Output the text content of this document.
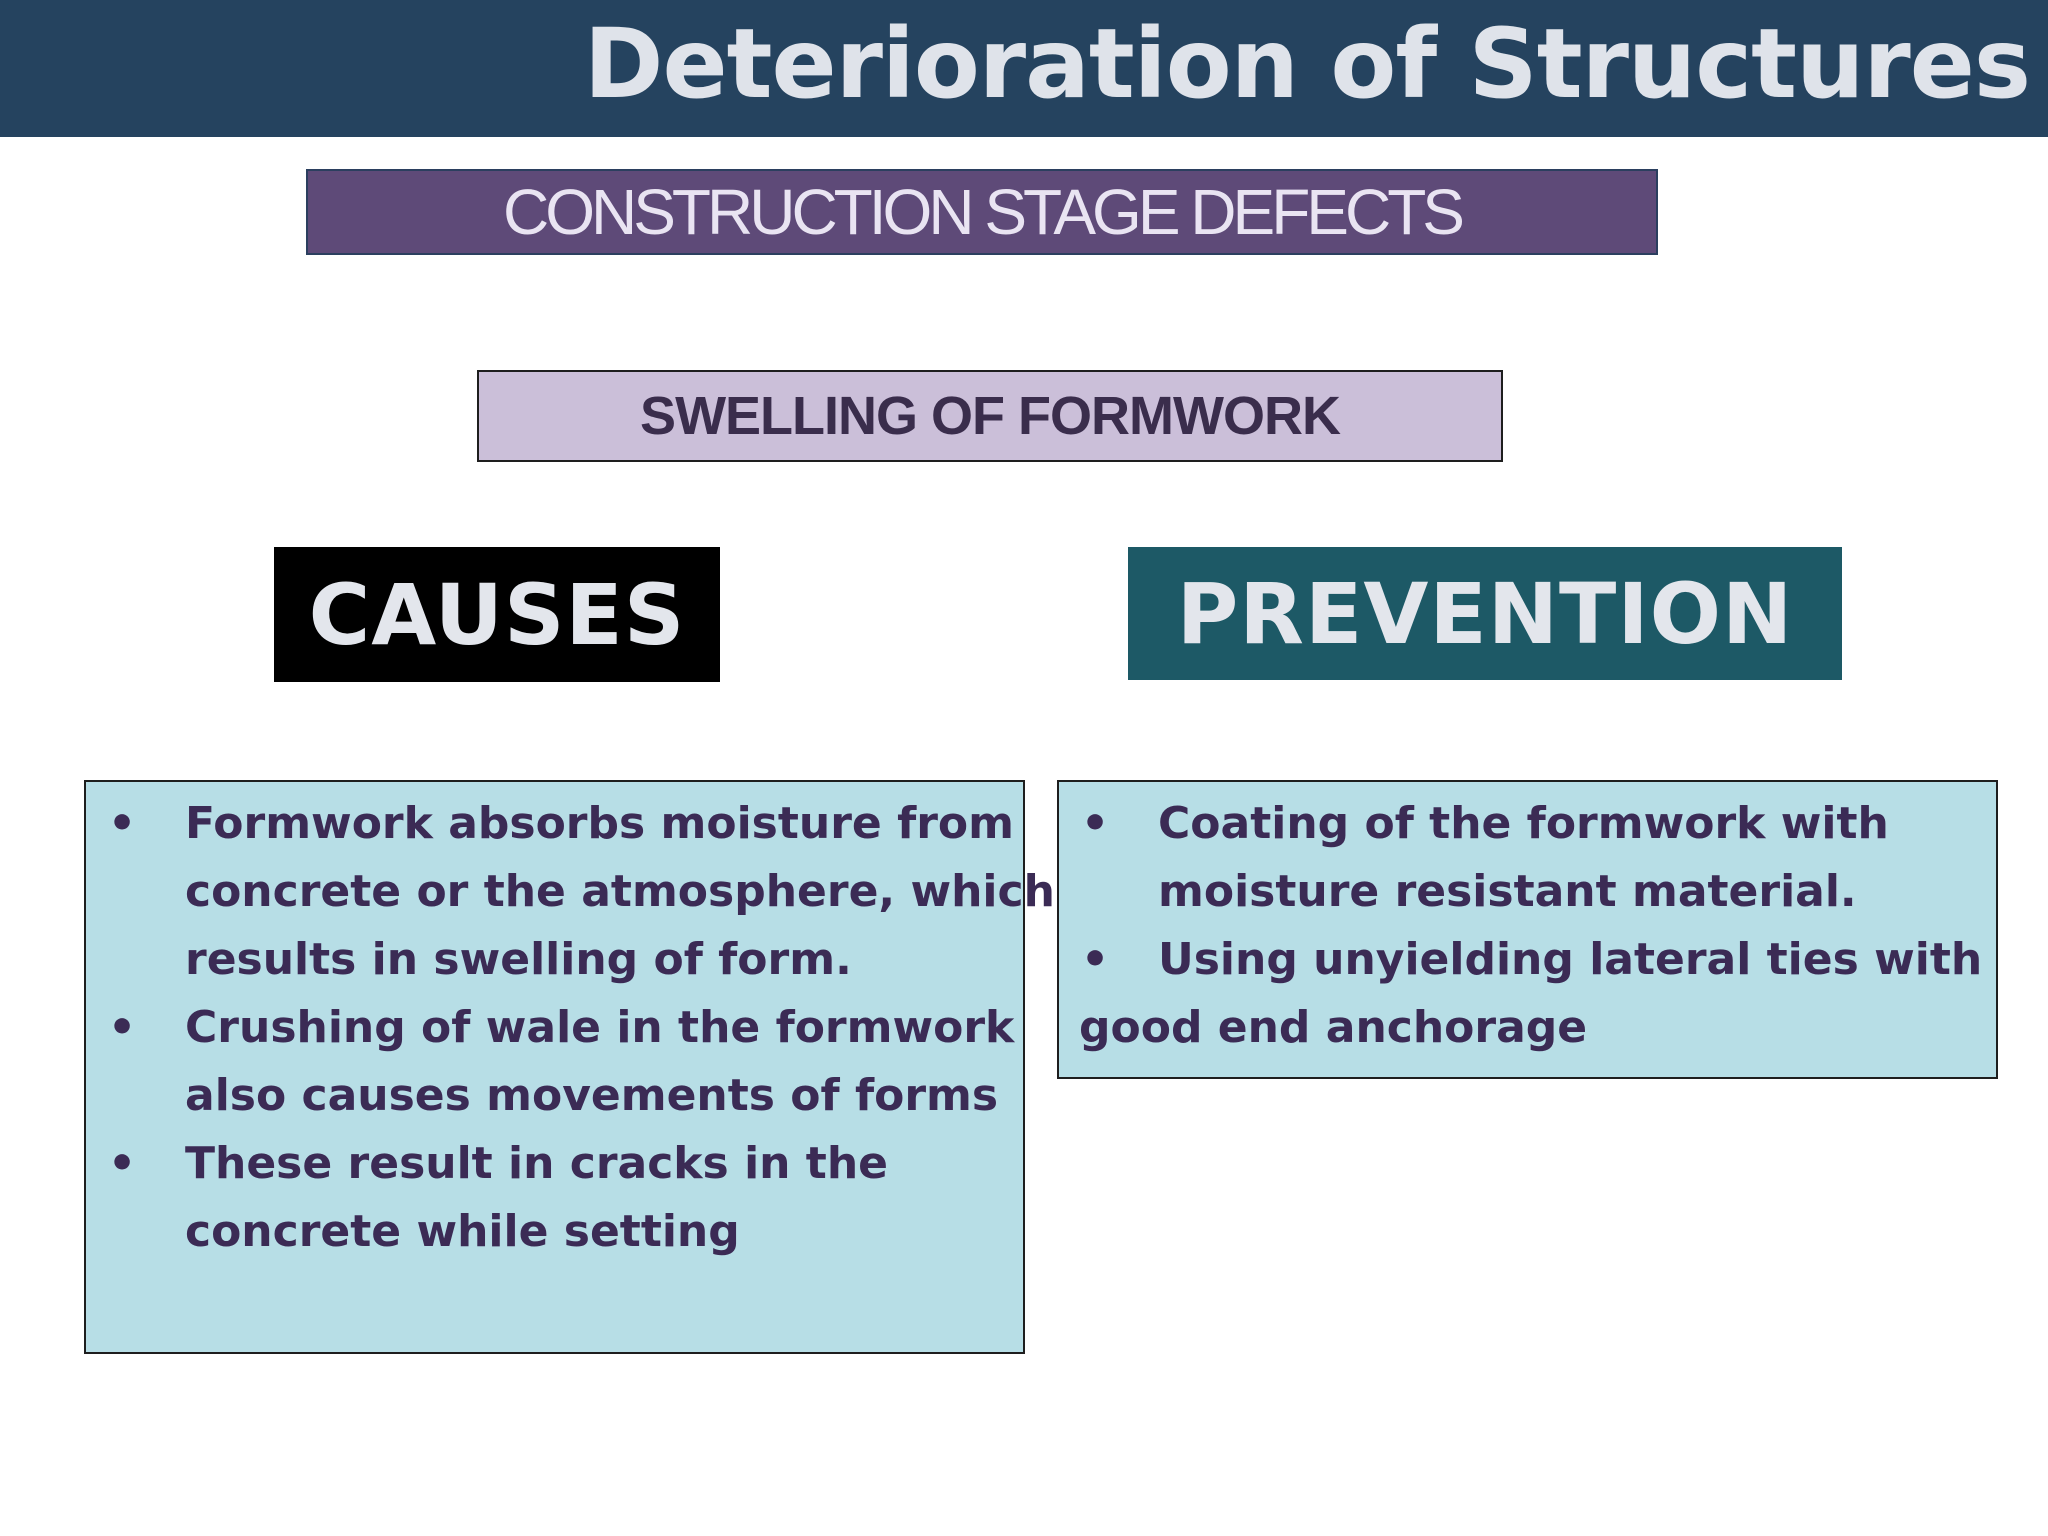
Deterioration of Structures
CONSTRUCTION STAGE DEFECTS
SWELLING OF FORMWORK
CAUSES	PREVENTION
• Formwork absorbs moisture from
concrete or the atmosphere, which
results in swelling of form.
• Crushing of wale in the formwork
also causes movements of forms
• These result in cracks in the
concrete while setting
• Coating of the formwork with
moisture resistant material.
• Using unyielding lateral ties with
good end anchorage
